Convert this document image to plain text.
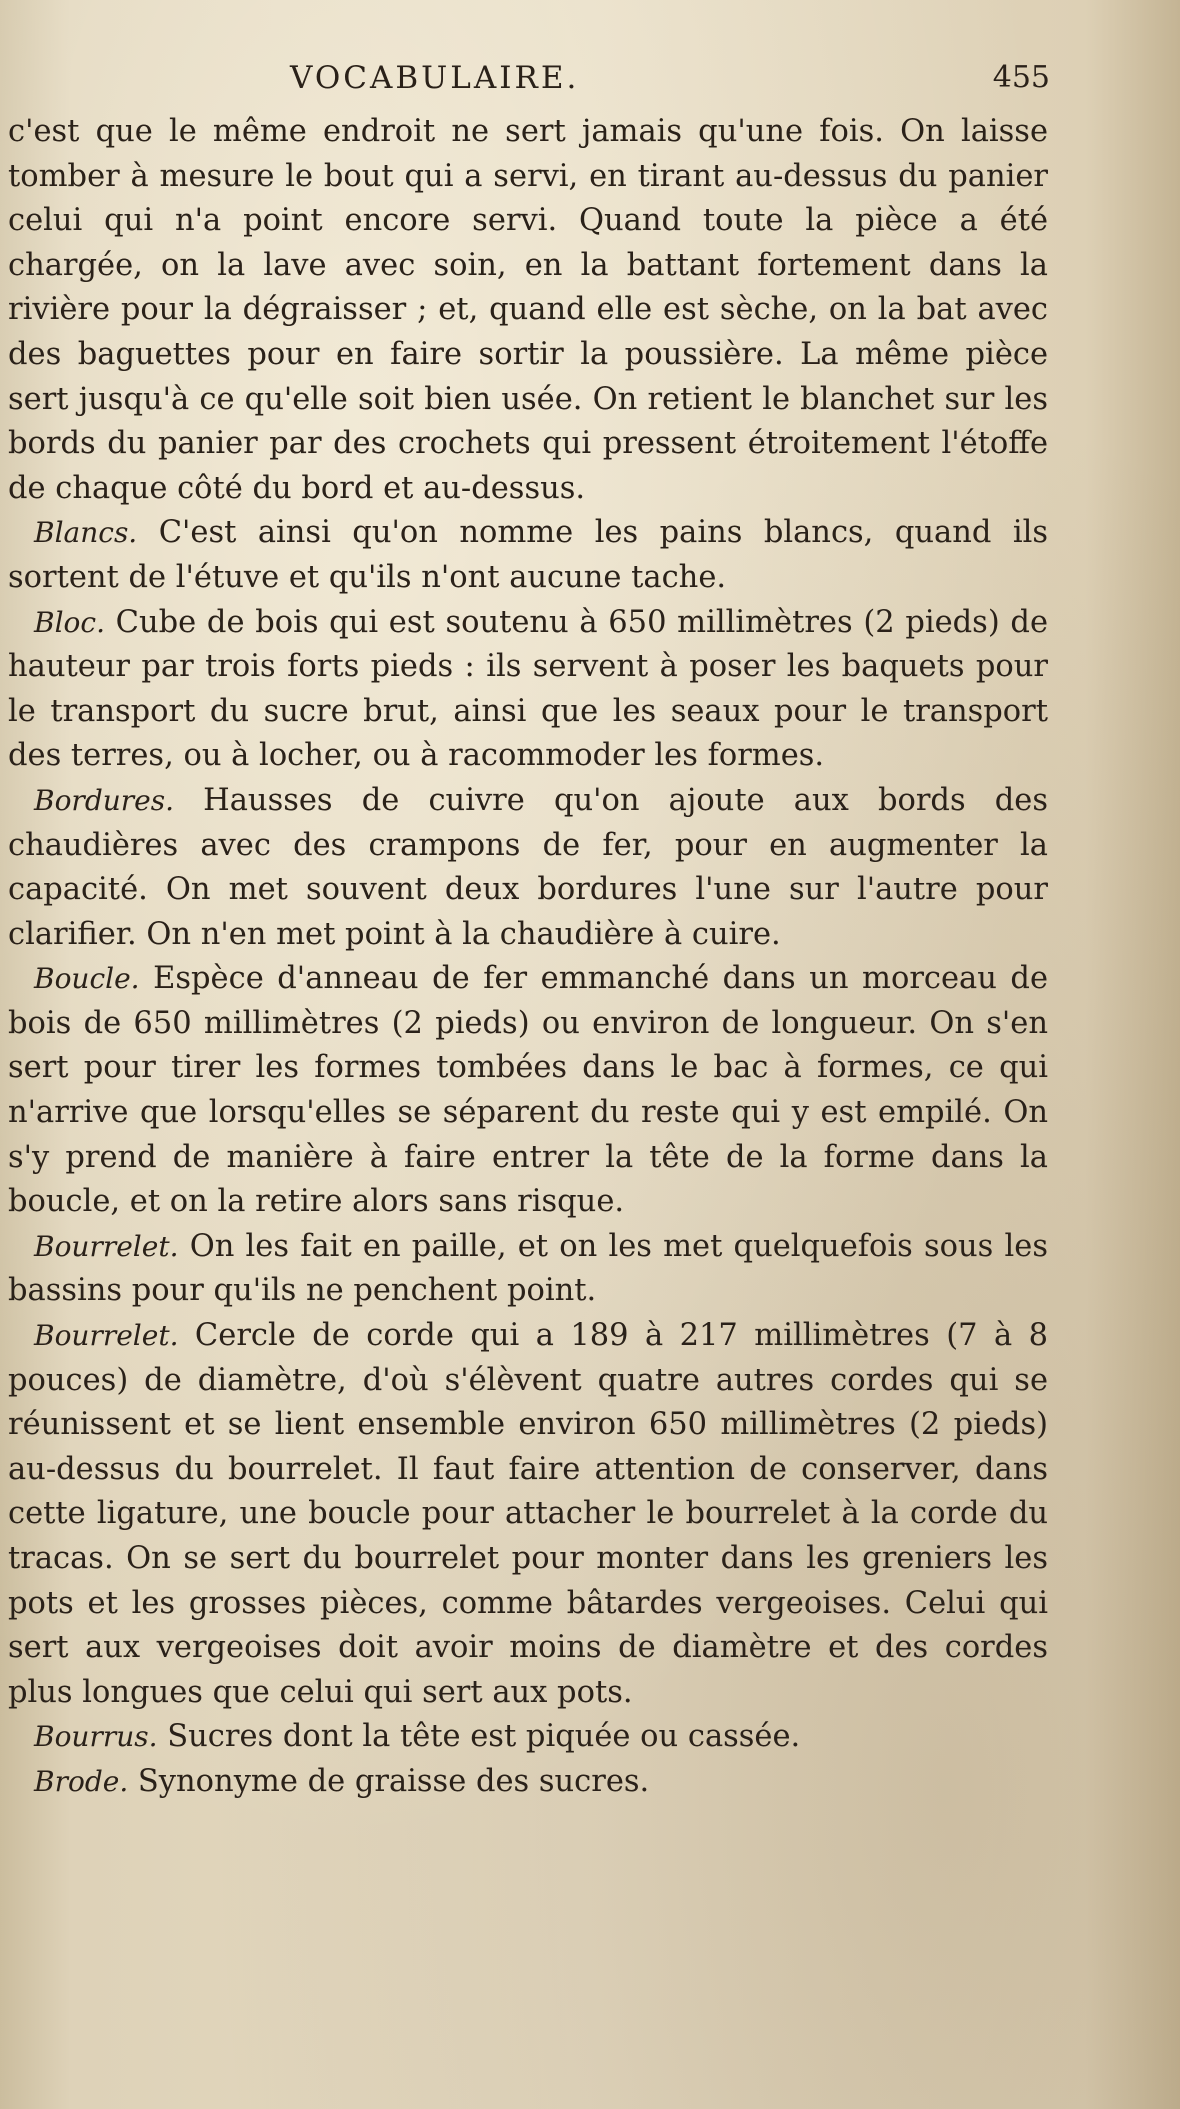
VOCABULAIRE.	455

c'est que le même endroit ne sert jamais qu'une fois. On laisse tomber à mesure le bout qui a servi, en tirant au-dessus du panier celui qui n'a point encore servi. Quand toute la pièce a été chargée, on la lave avec soin, en la battant fortement dans la rivière pour la dégraisser ; et, quand elle est sèche, on la bat avec des baguettes pour en faire sortir la poussière. La même pièce sert jusqu'à ce qu'elle soit bien usée. On retient le blanchet sur les bords du panier par des crochets qui pressent étroitement l'étoffe de chaque côté du bord et au-dessus.

Blancs. C'est ainsi qu'on nomme les pains blancs, quand ils sortent de l'étuve et qu'ils n'ont aucune tache.

Bloc. Cube de bois qui est soutenu à 650 millimètres (2 pieds) de hauteur par trois forts pieds : ils servent à poser les baquets pour le transport du sucre brut, ainsi que les seaux pour le transport des terres, ou à locher, ou à racommoder les formes.

Bordures. Hausses de cuivre qu'on ajoute aux bords des chaudières avec des crampons de fer, pour en augmenter la capacité. On met souvent deux bordures l'une sur l'autre pour clarifier. On n'en met point à la chaudière à cuire.

Boucle. Espèce d'anneau de fer emmanché dans un morceau de bois de 650 millimètres (2 pieds) ou environ de longueur. On s'en sert pour tirer les formes tombées dans le bac à formes, ce qui n'arrive que lorsqu'elles se séparent du reste qui y est empilé. On s'y prend de manière à faire entrer la tête de la forme dans la boucle, et on la retire alors sans risque.

Bourrelet. On les fait en paille, et on les met quelquefois sous les bassins pour qu'ils ne penchent point.

Bourrelet. Cercle de corde qui a 189 à 217 millimètres (7 à 8 pouces) de diamètre, d'où s'élèvent quatre autres cordes qui se réunissent et se lient ensemble environ 650 millimètres (2 pieds) au-dessus du bourrelet. Il faut faire attention de conserver, dans cette ligature, une boucle pour attacher le bourrelet à la corde du tracas. On se sert du bourrelet pour monter dans les greniers les pots et les grosses pièces, comme bâtardes vergeoises. Celui qui sert aux vergeoises doit avoir moins de diamètre et des cordes plus longues que celui qui sert aux pots.

Bourrus. Sucres dont la tête est piquée ou cassée.

Brode. Synonyme de graisse des sucres.
